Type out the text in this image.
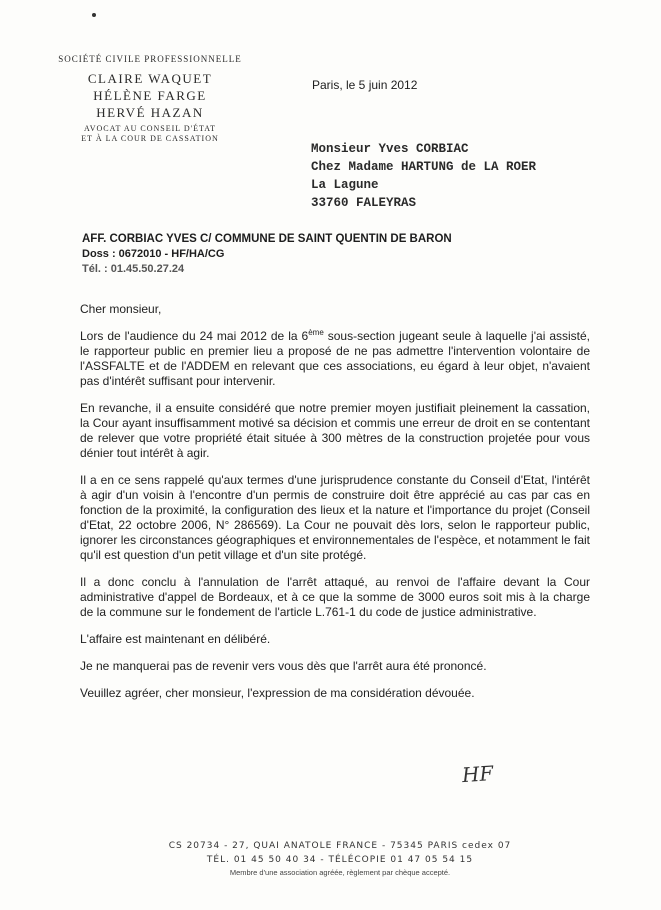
SOCIÉTÉ CIVILE PROFESSIONNELLE
CLAIRE WAQUET
HÉLÈNE FARGE
HERVÉ HAZAN
AVOCAT AU CONSEIL D'ÉTAT
ET À LA COUR DE CASSATION
Paris, le 5 juin 2012
Monsieur Yves CORBIAC
Chez Madame HARTUNG de LA ROER
La Lagune
33760 FALEYRAS
AFF. CORBIAC YVES C/ COMMUNE DE SAINT QUENTIN DE BARON
Doss : 0672010 - HF/HA/CG
Tél. : 01.45.50.27.24
Cher monsieur,

Lors de l'audience du 24 mai 2012 de la 6ème sous-section jugeant seule à laquelle j'ai assisté, le rapporteur public en premier lieu a proposé de ne pas admettre l'intervention volontaire de l'ASSFALTE et de l'ADDEM en relevant que ces associations, eu égard à leur objet, n'avaient pas d'intérêt suffisant pour intervenir.

En revanche, il a ensuite considéré que notre premier moyen justifiait pleinement la cassation, la Cour ayant insuffisamment motivé sa décision et commis une erreur de droit en se contentant de relever que votre propriété était située à 300 mètres de la construction projetée pour vous dénier tout intérêt à agir.

Il a en ce sens rappelé qu'aux termes d'une jurisprudence constante du Conseil d'Etat, l'intérêt à agir d'un voisin à l'encontre d'un permis de construire doit être apprécié au cas par cas en fonction de la proximité, la configuration des lieux et la nature et l'importance du projet (Conseil d'Etat, 22 octobre 2006, N° 286569). La Cour ne pouvait dès lors, selon le rapporteur public, ignorer les circonstances géographiques et environnementales de l'espèce, et notamment le fait qu'il est question d'un petit village et d'un site protégé.

Il a donc conclu à l'annulation de l'arrêt attaqué, au renvoi de l'affaire devant la Cour administrative d'appel de Bordeaux, et à ce que la somme de 3000 euros soit mis à la charge de la commune sur le fondement de l'article L.761-1 du code de justice administrative.

L'affaire est maintenant en délibéré.

Je ne manquerai pas de revenir vers vous dès que l'arrêt aura été prononcé.

Veuillez agréer, cher monsieur, l'expression de ma considération dévouée.

HF
CS 20734 - 27, QUAI ANATOLE FRANCE - 75345 PARIS cedex 07
TÉL. 01 45 50 40 34 - TÉLÉCOPIE 01 47 05 54 15
Membre d'une association agréée, règlement par chèque accepté.
